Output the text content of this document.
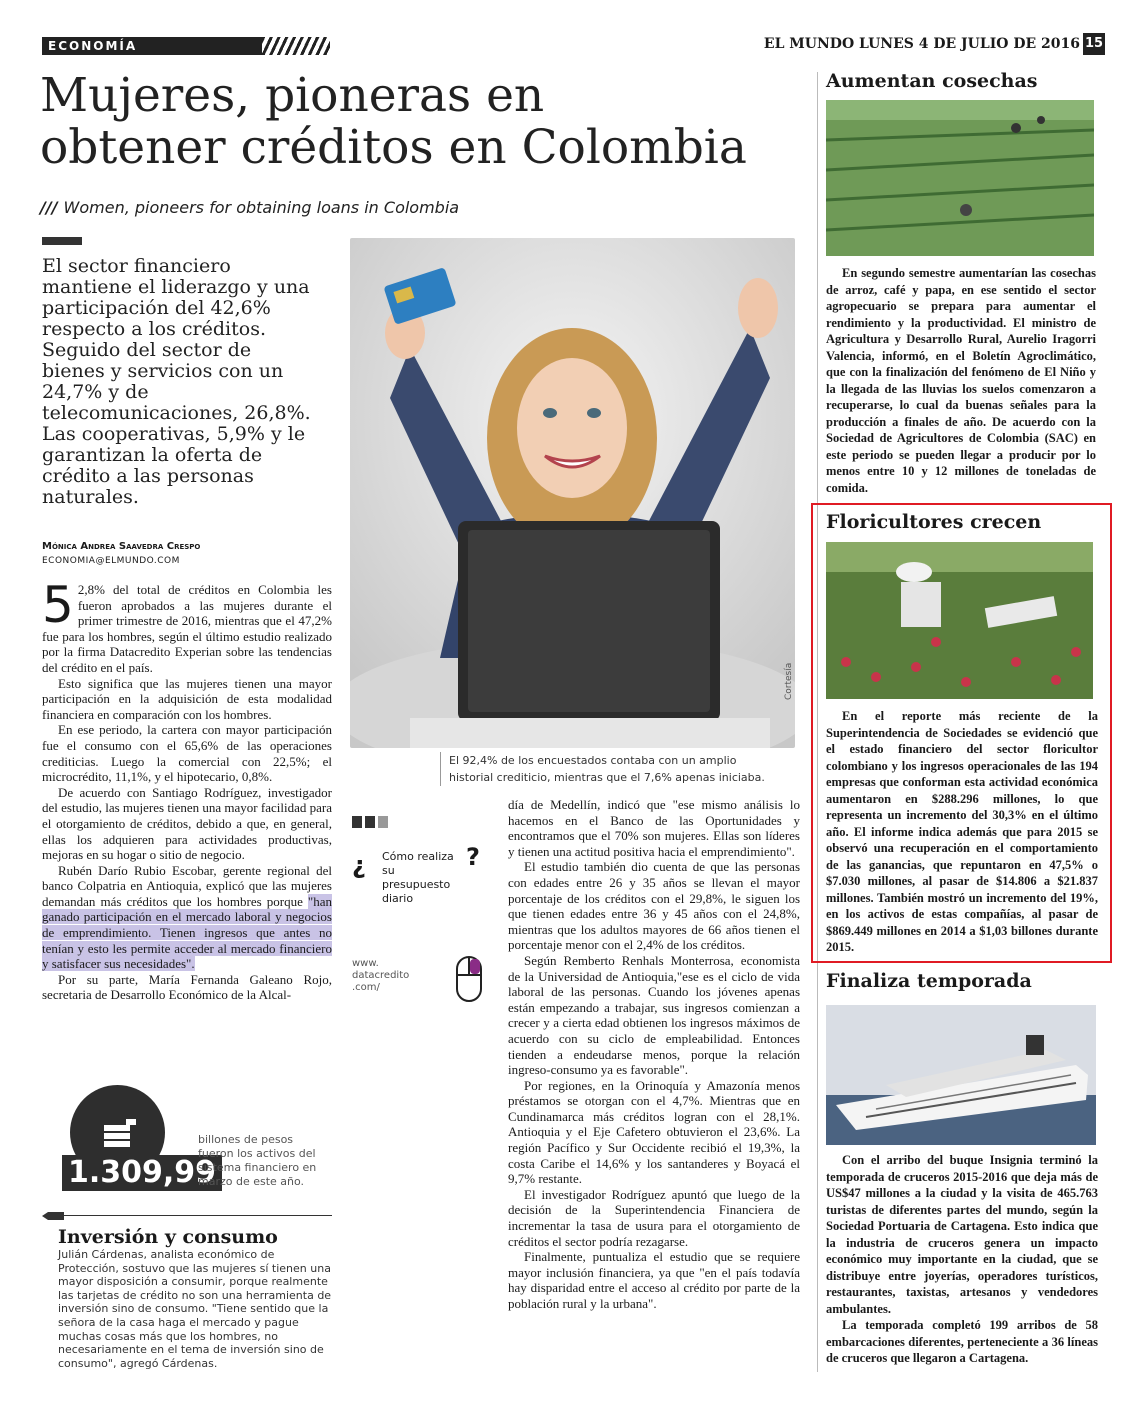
ECONOMÍA	EL MUNDO LUNES 4 DE JULIO DE 2016 15
Mujeres, pioneras en
obtener créditos en Colombia
/// Women, pioneers for obtaining loans in Colombia
El sector financiero mantiene el liderazgo y una participación del 42,6% respecto a los créditos. Seguido del sector de bienes y servicios con un 24,7% y de telecomunicaciones, 26,8%. Las cooperativas, 5,9% y le garantizan la oferta de crédito a las personas naturales.
Mónica Andrea Saavedra Crespo
ECONOMIA@ELMUNDO.COM

5 2,8% del total de créditos en Colombia les fueron aprobados a las mujeres durante el primer trimestre de 2016, mientras que el 47,2% fue para los hombres, según el último estudio realizado por la firma Datacredito Experian sobre las tendencias del crédito en el país.

Esto significa que las mujeres tienen una mayor participación en la adquisición de esta modalidad financiera en comparación con los hombres.

En ese periodo, la cartera con mayor participación fue el consumo con el 65,6% de las operaciones crediticias. Luego la comercial con 22,5%; el microcrédito, 11,1%, y el hipotecario, 0,8%.

De acuerdo con Santiago Rodríguez, investigador del estudio, las mujeres tienen una mayor facilidad para el otorgamiento de créditos, debido a que, en general, ellas los adquieren para actividades productivas, mejoras en su hogar o sitio de negocio.

Rubén Darío Rubio Escobar, gerente regional del banco Colpatria en Antioquia, explicó que las mujeres demandan más créditos que los hombres porque "han ganado participación en el mercado laboral y negocios de emprendimiento. Tienen ingresos que antes no tenían y esto les permite acceder al mercado financiero y satisfacer sus necesidades".

Por su parte, María Fernanda Galeano Rojo, secretaria de Desarrollo Económico de la Alcal-

Cortesía
El 92,4% de los encuestados contaba con un amplio historial crediticio, mientras que el 7,6% apenas iniciaba.
¿ Cómo realiza su presupuesto diario
?
www. datacredito .com/

día de Medellín, indicó que "ese mismo análisis lo hacemos en el Banco de las Oportunidades y encontramos que el 70% son mujeres. Ellas son líderes y tienen una actitud positiva hacia el emprendimiento".

El estudio también dio cuenta de que las personas con edades entre 26 y 35 años se llevan el mayor porcentaje de los créditos con el 29,8%, le siguen los que tienen edades entre 36 y 45 años con el 24,8%, mientras que los adultos mayores de 66 años tienen el porcentaje menor con el 2,4% de los créditos.

Según Remberto Renhals Monterrosa, economista de la Universidad de Antioquia,"ese es el ciclo de vida laboral de las personas. Cuando los jóvenes apenas están empezando a trabajar, sus ingresos comienzan a crecer y a cierta edad obtienen los ingresos máximos de acuerdo con su ciclo de empleabilidad. Entonces tienden a endeudarse menos, porque la relación ingreso-consumo ya es favorable".

Por regiones, en la Orinoquía y Amazonía menos préstamos se otorgan con el 4,7%. Mientras que en Cundinamarca más créditos logran con el 28,1%. Antioquia y el Eje Cafetero obtuvieron el 23,6%. La región Pacífico y Sur Occidente recibió el 19,3%, la costa Caribe el 14,6% y los santanderes y Boyacá el 9,7% restante.

El investigador Rodríguez apuntó que luego de la decisión de la Superintendencia Financiera de incrementar la tasa de usura para el otorgamiento de créditos el sector podría rezagarse.

Finalmente, puntualiza el estudio que se requiere mayor inclusión financiera, ya que "en el país todavía hay disparidad entre el acceso al crédito por parte de la población rural y la urbana".

1.309,99
billones de pesos fueron los activos del sistema financiero en marzo de este año.
Inversión y consumo
Julián Cárdenas, analista económico de Protección, sostuvo que las mujeres sí tienen una mayor disposición a consumir, porque realmente las tarjetas de crédito no son una herramienta de inversión sino de consumo. "Tiene sentido que la señora de la casa haga el mercado y pague muchas cosas más que los hombres, no necesariamente en el tema de inversión sino de consumo", agregó Cárdenas.
Aumentan cosechas

En segundo semestre aumentarían las cosechas de arroz, café y papa, en ese sentido el sector agropecuario se prepara para aumentar el rendimiento y la productividad. El ministro de Agricultura y Desarrollo Rural, Aurelio Iragorri Valencia, informó, en el Boletín Agroclimático, que con la finalización del fenómeno de El Niño y la llegada de las lluvias los suelos comenzaron a recuperarse, lo cual da buenas señales para la producción a finales de año. De acuerdo con la Sociedad de Agricultores de Colombia (SAC) en este periodo se pueden llegar a producir por lo menos entre 10 y 12 millones de toneladas de comida.

Floricultores crecen

En el reporte más reciente de la Superintendencia de Sociedades se evidenció que el estado financiero del sector floricultor colombiano y los ingresos operacionales de las 194 empresas que conforman esta actividad económica aumentaron en $288.296 millones, lo que representa un incremento del 30,3% en el último año. El informe indica además que para 2015 se observó una recuperación en el comportamiento de las ganancias, que repuntaron en 47,5% o $7.030 millones, al pasar de $14.806 a $21.837 millones. También mostró un incremento del 19%, en los activos de estas compañías, al pasar de $869.449 millones en 2014 a $1,03 billones durante 2015.

Finaliza temporada

Con el arribo del buque Insignia terminó la temporada de cruceros 2015-2016 que deja más de US$47 millones a la ciudad y la visita de 465.763 turistas de diferentes partes del mundo, según la Sociedad Portuaria de Cartagena. Esto indica que la industria de cruceros genera un impacto económico muy importante en la ciudad, que se distribuye entre joyerías, operadores turísticos, restaurantes, taxistas, artesanos y vendedores ambulantes.

La temporada completó 199 arribos de 58 embarcaciones diferentes, perteneciente a 36 líneas de cruceros que llegaron a Cartagena.
